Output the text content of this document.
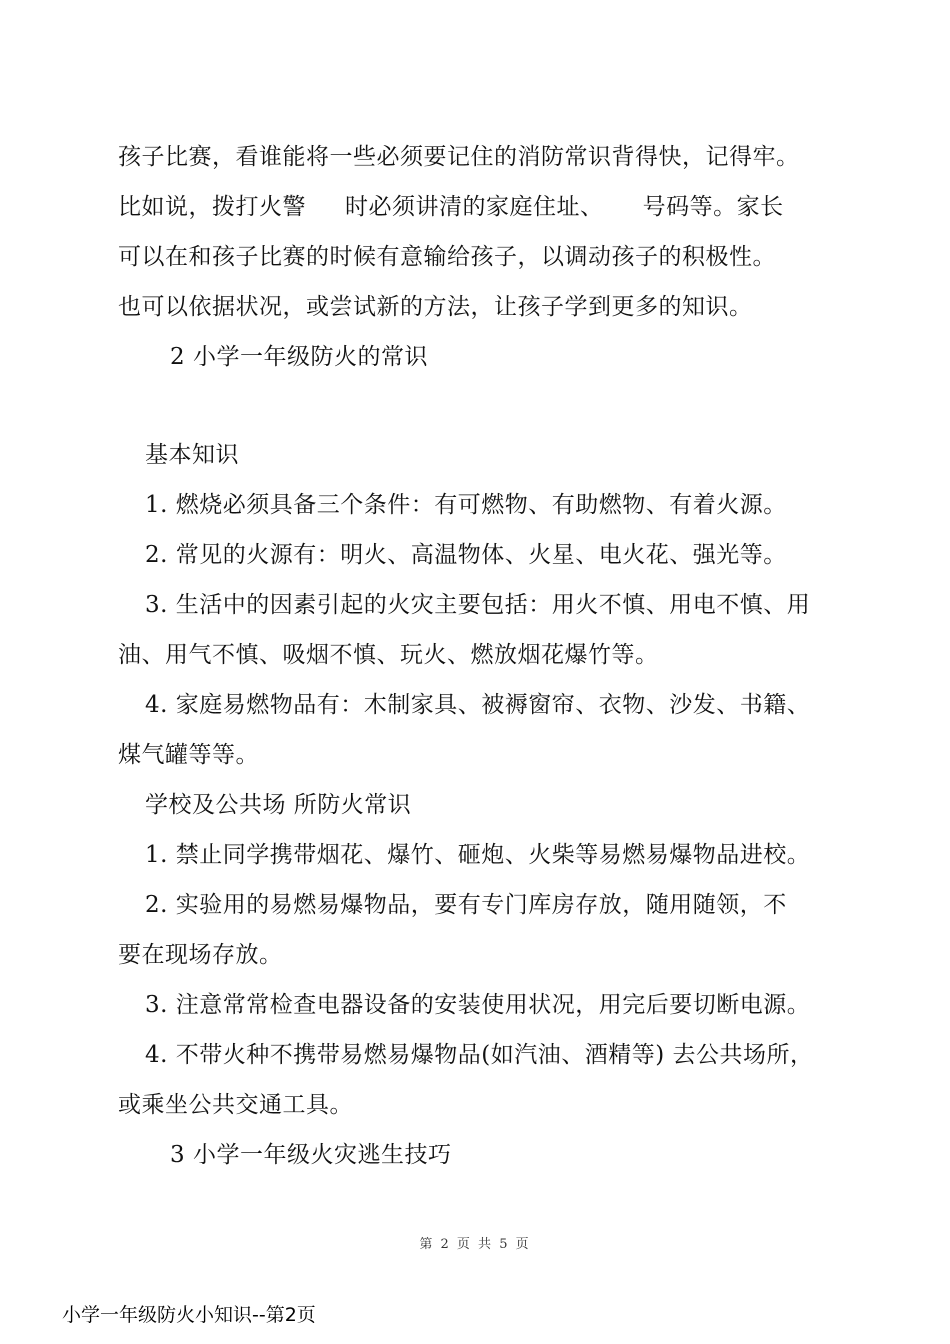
孩子比赛，看谁能将一些必须要记住的消防常识背得快，记得牢。
比如说，拨打火警     时必须讲清的家庭住址、     号码等。家长
可以在和孩子比赛的时候有意输给孩子，以调动孩子的积极性。
也可以依据状况，或尝试新的方法，让孩子学到更多的知识。
2 小学一年级防火的常识
基本知识
1. 燃烧必须具备三个条件：有可燃物、有助燃物、有着火源。
2. 常见的火源有：明火、高温物体、火星、电火花、强光等。
3. 生活中的因素引起的火灾主要包括：用火不慎、用电不慎、用
油、用气不慎、吸烟不慎、玩火、燃放烟花爆竹等。
4. 家庭易燃物品有：木制家具、被褥窗帘、衣物、沙发、书籍、
煤气罐等等。
学校及公共场 所防火常识
1. 禁止同学携带烟花、爆竹、砸炮、火柴等易燃易爆物品进校。
2. 实验用的易燃易爆物品，要有专门库房存放，随用随领，不
要在现场存放。
3. 注意常常检查电器设备的安装使用状况，用完后要切断电源。
4. 不带火种不携带易燃易爆物品(如汽油、酒精等) 去公共场所，
或乘坐公共交通工具。
3 小学一年级火灾逃生技巧
第 2 页 共 5 页
小学一年级防火小知识--第2页
